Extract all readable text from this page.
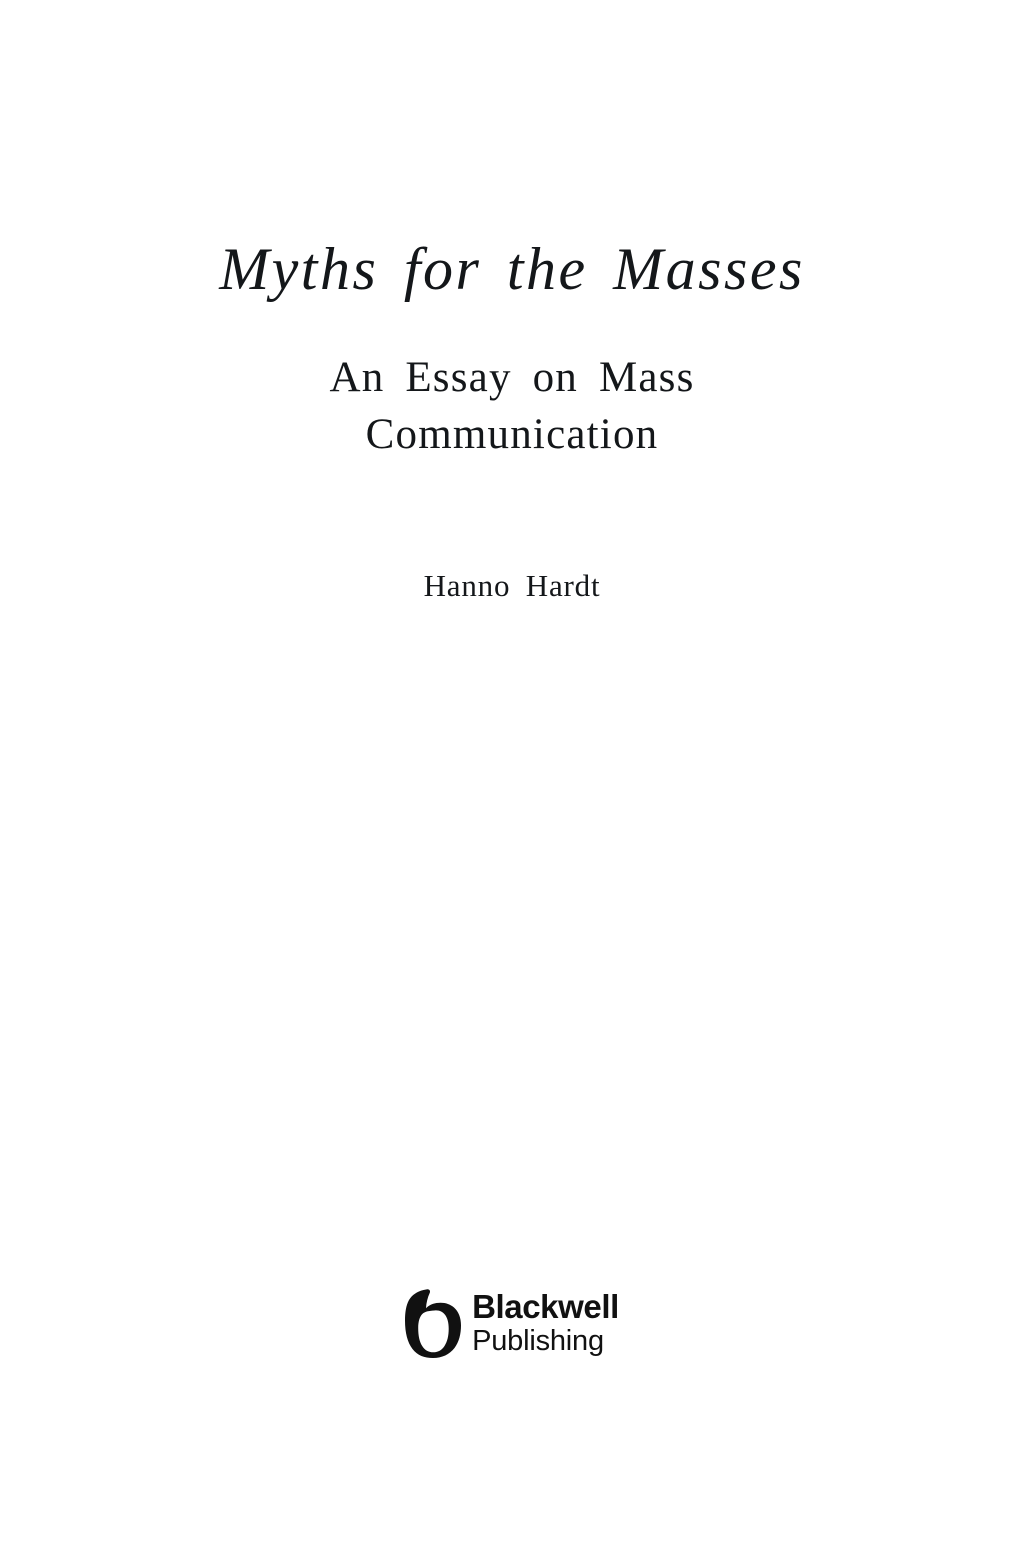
Myths for the Masses
An Essay on Mass
Communication

Hanno Hardt

Blackwell
Publishing
